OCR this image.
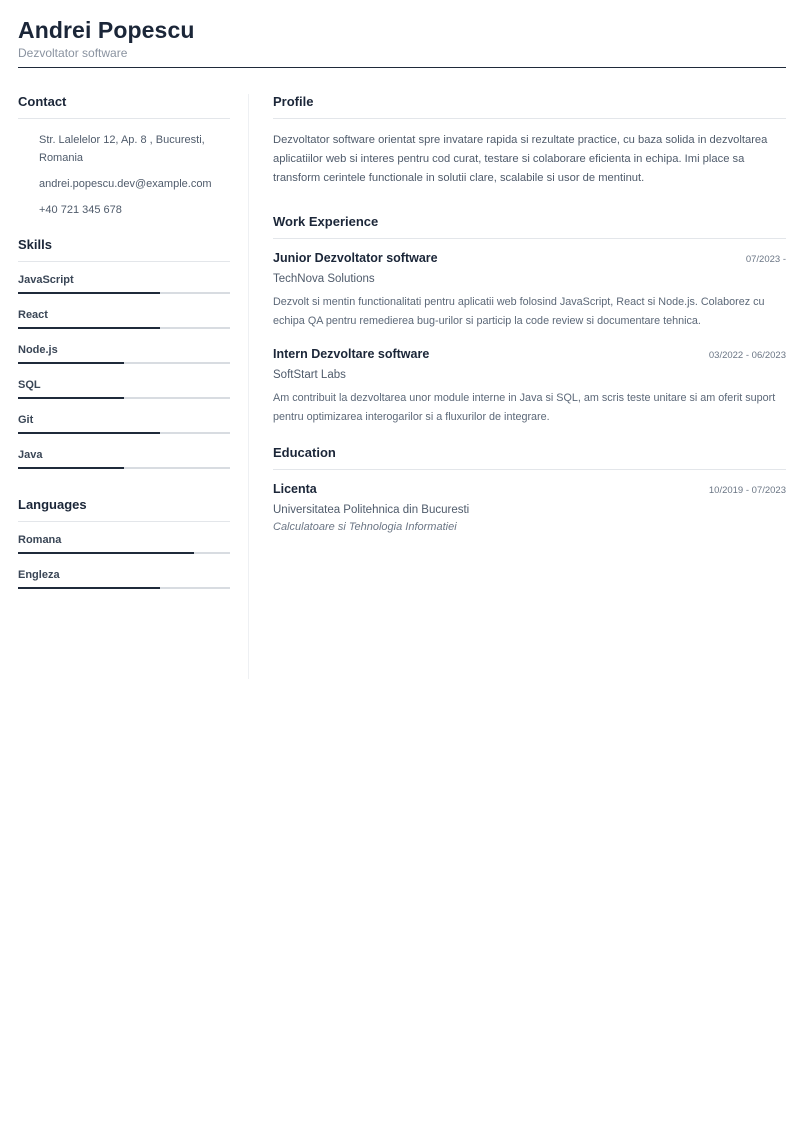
Andrei Popescu
Dezvoltator software
Contact
Str. Lalelelor 12, Ap. 8 , Bucuresti, Romania
andrei.popescu.dev@example.com
+40 721 345 678
Skills
JavaScript
React
Node.js
SQL
Git
Java
Languages
Romana
Engleza
Profile
Dezvoltator software orientat spre invatare rapida si rezultate practice, cu baza solida in dezvoltarea aplicatiilor web si interes pentru cod curat, testare si colaborare eficienta in echipa. Imi place sa transform cerintele functionale in solutii clare, scalabile si usor de mentinut.
Work Experience
Junior Dezvoltator software	07/2023 -
TechNova Solutions
Dezvolt si mentin functionalitati pentru aplicatii web folosind JavaScript, React si Node.js. Colaborez cu echipa QA pentru remedierea bug-urilor si particip la code review si documentare tehnica.
Intern Dezvoltare software	03/2022 - 06/2023
SoftStart Labs
Am contribuit la dezvoltarea unor module interne in Java si SQL, am scris teste unitare si am oferit suport pentru optimizarea interogarilor si a fluxurilor de integrare.
Education
Licenta	10/2019 - 07/2023
Universitatea Politehnica din Bucuresti
Calculatoare si Tehnologia Informatiei
